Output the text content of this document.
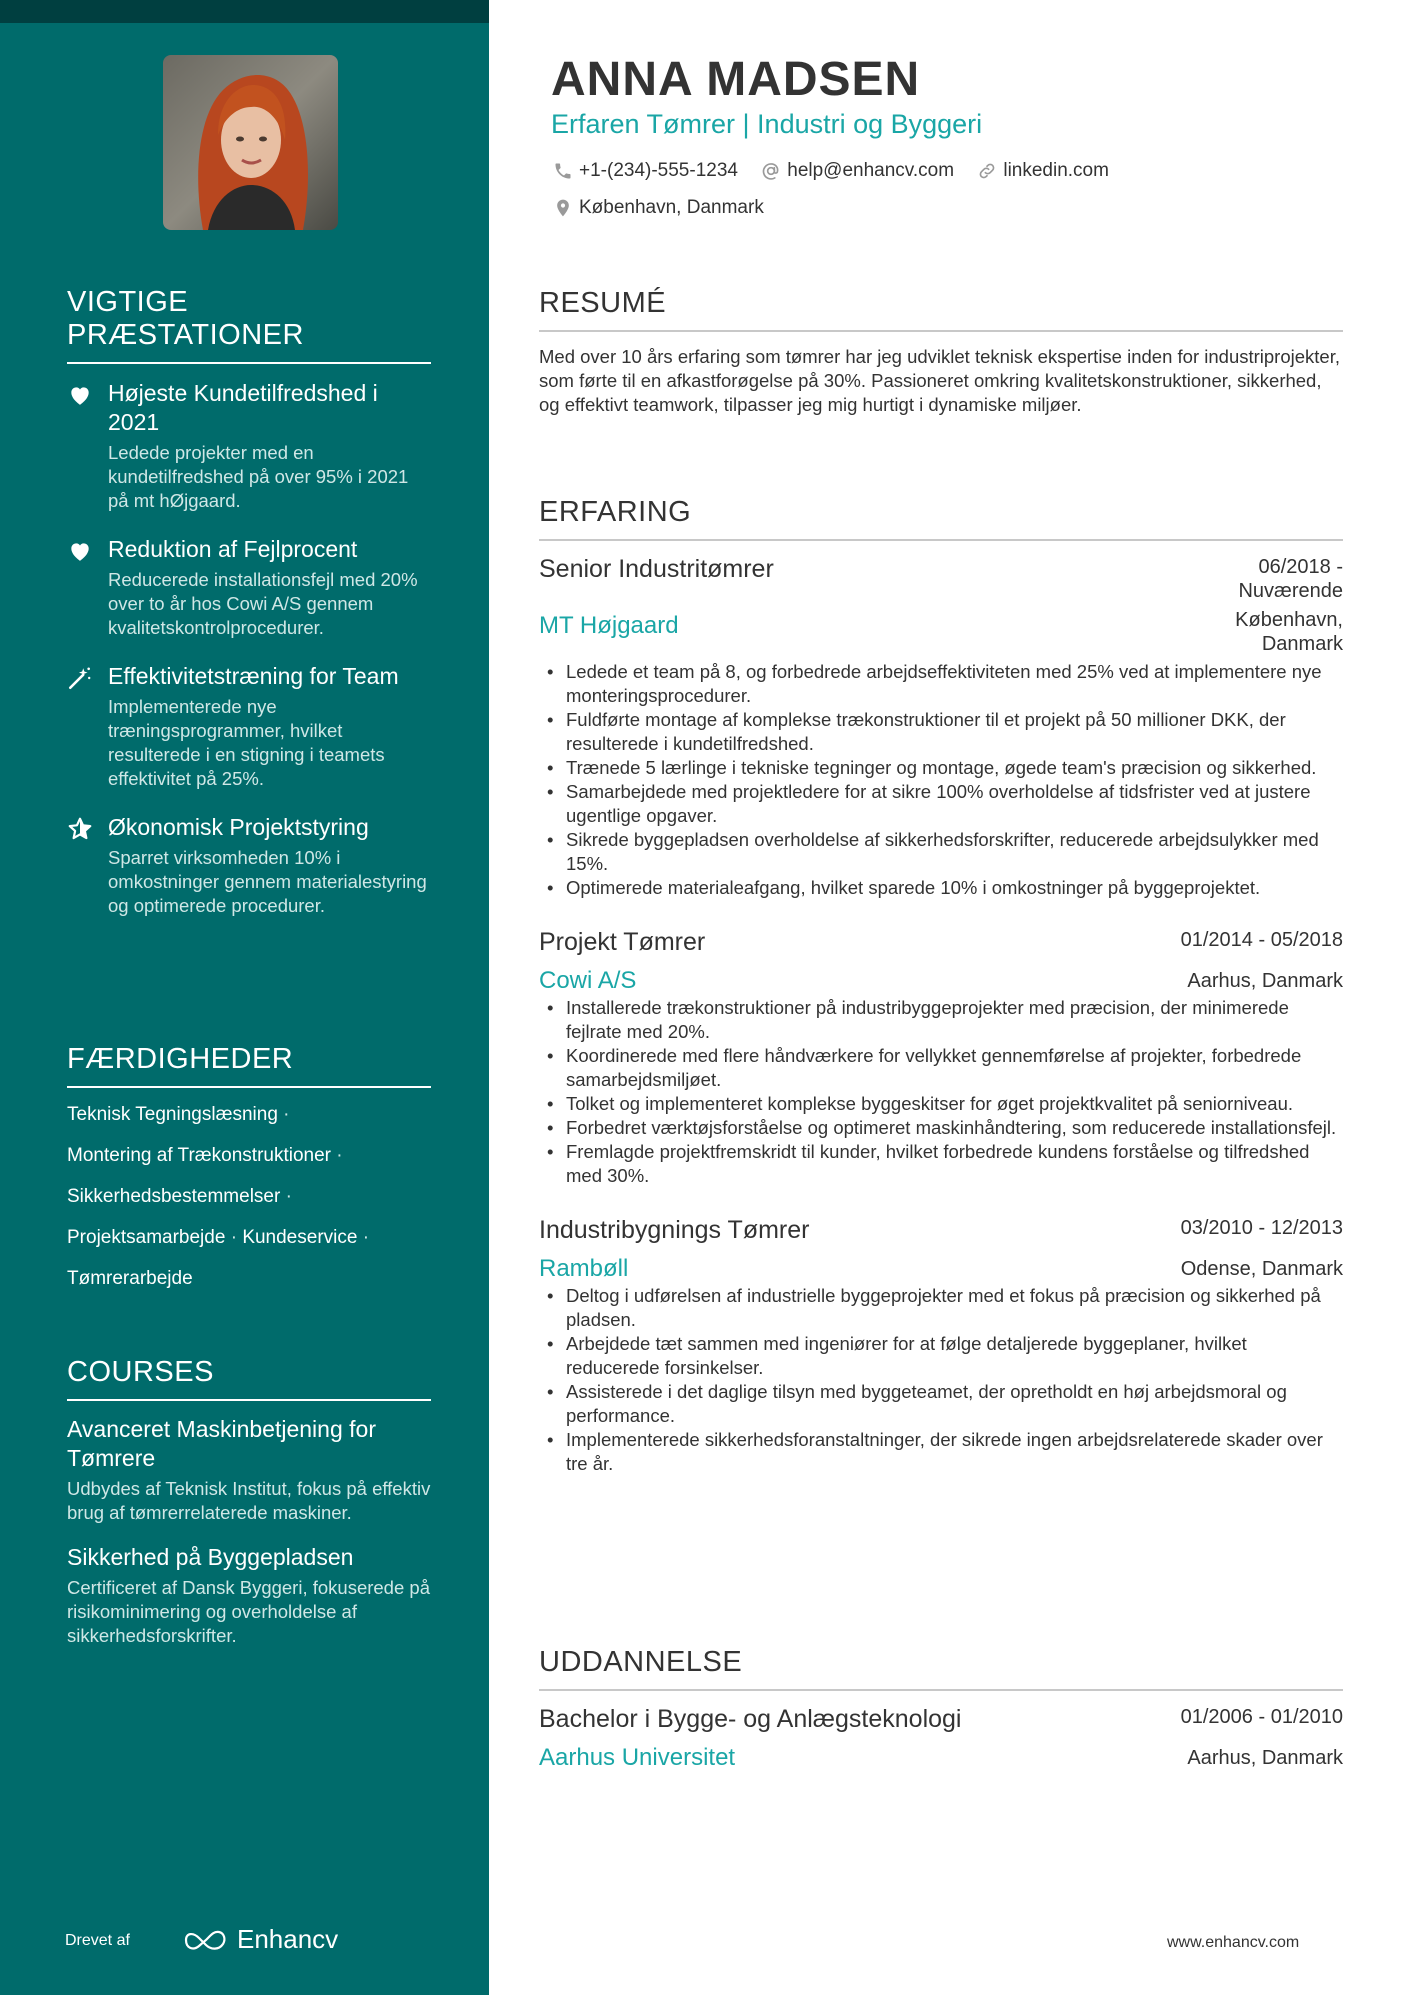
VIGTIGE PRÆSTATIONER
Højeste Kundetilfredshed i 2021
Ledede projekter med en kundetilfredshed på over 95% i 2021 på mt hØjgaard.
Reduktion af Fejlprocent
Reducerede installationsfejl med 20% over to år hos Cowi A/S gennem kvalitetskontrolprocedurer.
Effektivitetstræning for Team
Implementerede nye træningsprogrammer, hvilket resulterede i en stigning i teamets effektivitet på 25%.
Økonomisk Projektstyring
Sparret virksomheden 10% i omkostninger gennem materialestyring og optimerede procedurer.
FÆRDIGHEDER
Teknisk Tegningslæsning ·
Montering af Trækonstruktioner ·
Sikkerhedsbestemmelser ·
Projektsamarbejde · Kundeservice ·
Tømrerarbejde
COURSES
Avanceret Maskinbetjening for Tømrere
Udbydes af Teknisk Institut, fokus på effektiv brug af tømrerrelaterede maskiner.
Sikkerhed på Byggepladsen
Certificeret af Dansk Byggeri, fokuserede på risikominimering og overholdelse af sikkerhedsforskrifter.
Drevet af	Enhancv
ANNA MADSEN
Erfaren Tømrer | Industri og Byggeri
+1-(234)-555-1234
	help@enhancv.com
	linkedin.com
København, Danmark
RESUMÉ
Med over 10 års erfaring som tømrer har jeg udviklet teknisk ekspertise inden for industriprojekter, som førte til en afkastforøgelse på 30%. Passioneret omkring kvalitetskonstruktioner, sikkerhed, og effektivt teamwork, tilpasser jeg mig hurtigt i dynamiske miljøer.
ERFARING
Senior Industritømrer	06/2018 -
Nuværende
MT Højgaard	København,
Danmark
• Ledede et team på 8, og forbedrede arbejdseffektiviteten med 25% ved at implementere nye monteringsprocedurer.
• Fuldførte montage af komplekse trækonstruktioner til et projekt på 50 millioner DKK, der resulterede i kundetilfredshed.
• Trænede 5 lærlinge i tekniske tegninger og montage, øgede team's præcision og sikkerhed.
• Samarbejdede med projektledere for at sikre 100% overholdelse af tidsfrister ved at justere ugentlige opgaver.
• Sikrede byggepladsen overholdelse af sikkerhedsforskrifter, reducerede arbejdsulykker med 15%.
• Optimerede materialeafgang, hvilket sparede 10% i omkostninger på byggeprojektet.
Projekt Tømrer	01/2014 - 05/2018
Cowi A/S	Aarhus, Danmark
• Installerede trækonstruktioner på industribyggeprojekter med præcision, der minimerede fejlrate med 20%.
• Koordinerede med flere håndværkere for vellykket gennemførelse af projekter, forbedrede samarbejdsmiljøet.
• Tolket og implementeret komplekse byggeskitser for øget projektkvalitet på seniorniveau.
• Forbedret værktøjsforståelse og optimeret maskinhåndtering, som reducerede installationsfejl.
• Fremlagde projektfremskridt til kunder, hvilket forbedrede kundens forståelse og tilfredshed med 30%.
Industribygnings Tømrer	03/2010 - 12/2013
Rambøll	Odense, Danmark
• Deltog i udførelsen af industrielle byggeprojekter med et fokus på præcision og sikkerhed på pladsen.
• Arbejdede tæt sammen med ingeniører for at følge detaljerede byggeplaner, hvilket reducerede forsinkelser.
• Assisterede i det daglige tilsyn med byggeteamet, der opretholdt en høj arbejdsmoral og performance.
• Implementerede sikkerhedsforanstaltninger, der sikrede ingen arbejdsrelaterede skader over tre år.
UDDANNELSE
Bachelor i Bygge- og Anlægsteknologi	01/2006 - 01/2010
Aarhus Universitet	Aarhus, Danmark
www.enhancv.com
